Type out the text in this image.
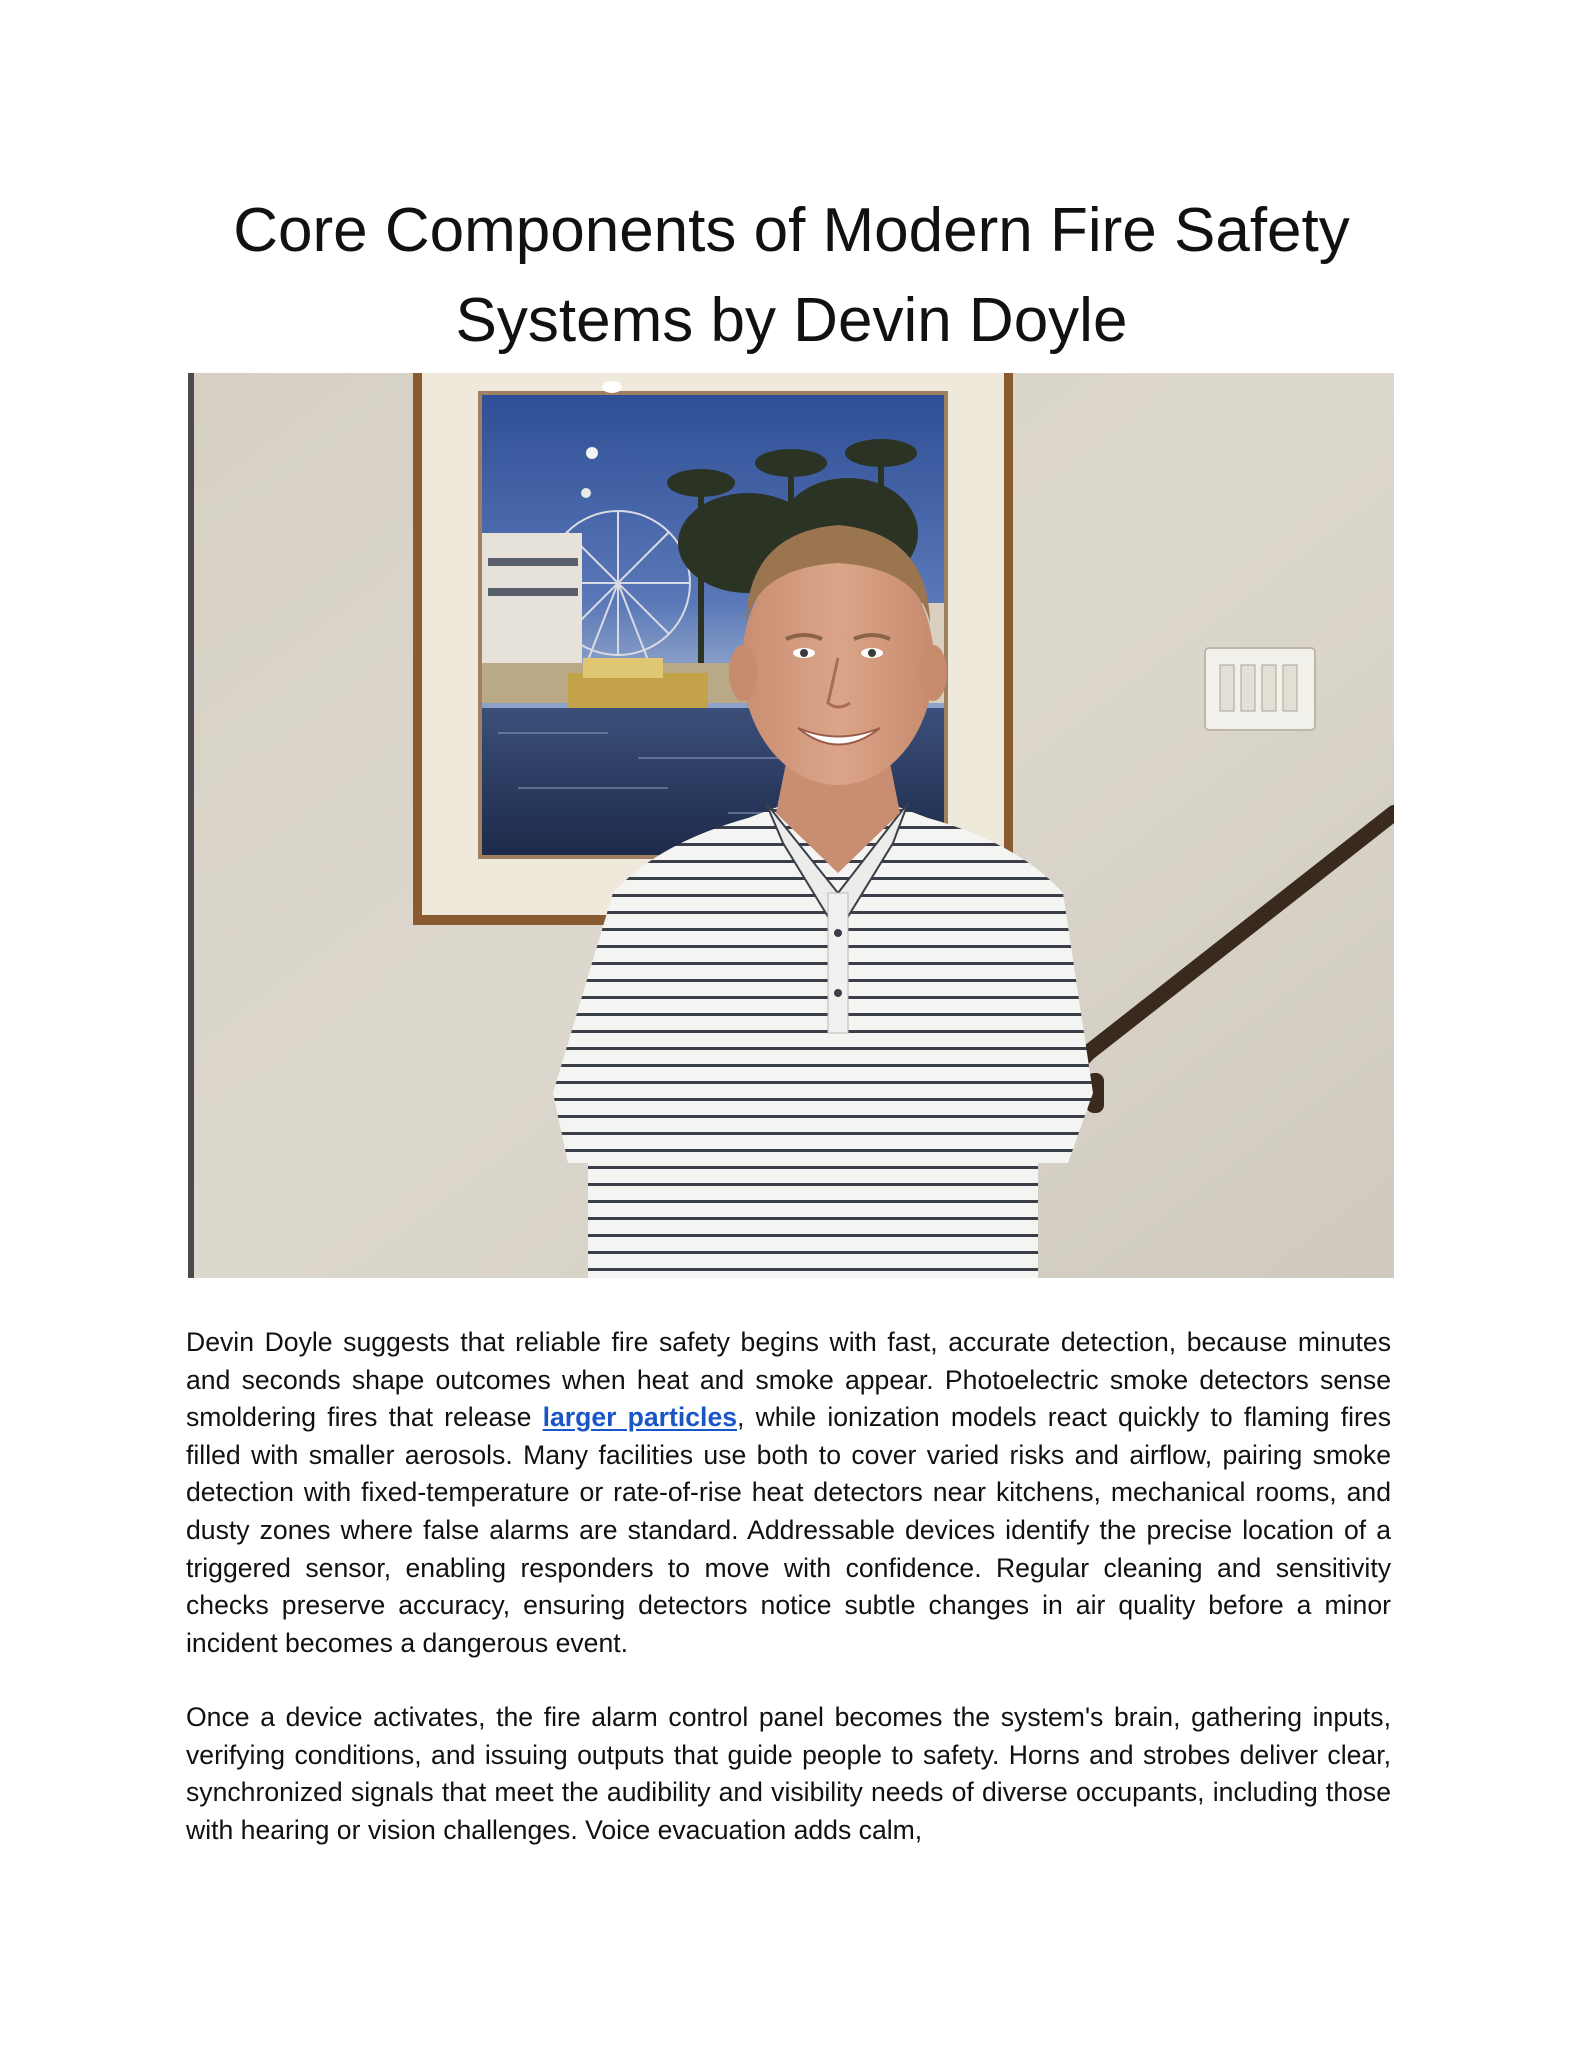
Core Components of Modern Fire Safety Systems by Devin Doyle

Devin Doyle suggests that reliable fire safety begins with fast, accurate detection, because minutes and seconds shape outcomes when heat and smoke appear. Photoelectric smoke detectors sense smoldering fires that release larger particles, while ionization models react quickly to flaming fires filled with smaller aerosols. Many facilities use both to cover varied risks and airflow, pairing smoke detection with fixed-temperature or rate-of-rise heat detectors near kitchens, mechanical rooms, and dusty zones where false alarms are standard. Addressable devices identify the precise location of a triggered sensor, enabling responders to move with confidence. Regular cleaning and sensitivity checks preserve accuracy, ensuring detectors notice subtle changes in air quality before a minor incident becomes a dangerous event.

Once a device activates, the fire alarm control panel becomes the system's brain, gathering inputs, verifying conditions, and issuing outputs that guide people to safety. Horns and strobes deliver clear, synchronized signals that meet the audibility and visibility needs of diverse occupants, including those with hearing or vision challenges. Voice evacuation adds calm,
